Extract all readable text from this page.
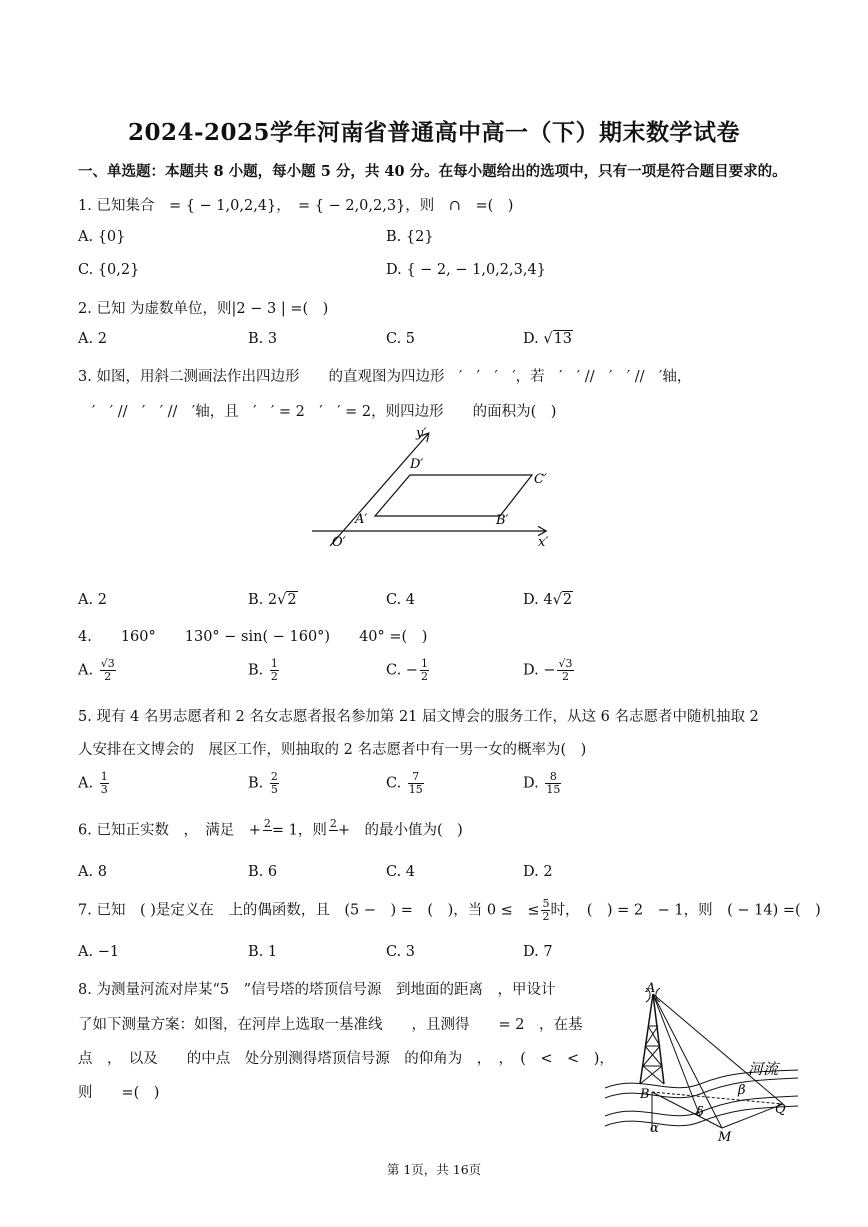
2024-2025学年河南省普通高中高一（下）期末数学试卷
一、单选题：本题共 8 小题，每小题 5 分，共 40 分。在每小题给出的选项中，只有一项是符合题目要求的。
1. 已知集合　= { − 1,0,2,4}，　= { − 2,0,2,3}，则　∩　=(　)
A. {0}	B. {2}
C. {0,2}	D. { − 2, − 1,0,2,3,4}
2. 已知 为虚数单位，则|2 − 3 | =(　)
A. 2	B. 3	C. 5	D. √13
3. 如图，用斜二测画法作出四边形　　的直观图为四边形　′　′　′　′，若　′　′ //　′　′ //　′轴，
′　′ //　′　′ //　′轴，且　′　′ = 2　′　′ = 2，则四边形　　的面积为(　)
y′
x′
O′
A′	B′
C′
D′
A. 2	B. 2√2	C. 4	D. 4√2
4.　　160°　　130° − sin( − 160°)　　40° =(　)
A. $\frac{√3}{2}$	B. $\frac{1}{2}$	C. − $\frac{1}{2}$	D. − $\frac{√3}{2}$
5. 现有 4 名男志愿者和 2 名女志愿者报名参加第 21 届文博会的服务工作，从这 6 名志愿者中随机抽取 2
人安排在文博会的　展区工作，则抽取的 2 名志愿者中有一男一女的概率为(　)
A. $\frac{1}{3}$	B. $\frac{2}{5}$	C. $\frac{7}{15}$	D. $\frac{8}{15}$
6. 已知正实数　，　满足　+ 2
= 1，则 2
+　的最小值为(　)
A. 8	B. 6	C. 4	D. 2
7. 已知　( )是定义在　上的偶函数，且　(5 −　) =　(　)，当 0 ≤　≤ $\frac{5}{2}$ 时，　(　) = 2　− 1，则　( − 14) =(　)
A. −1	B. 1	C. 3	D. 7
8. 为测量河流对岸某“5　”信号塔的塔顶信号源　到地面的距离　，甲设计
了如下测量方案：如图，在河岸上选取一基准线　　，且测得　　= 2　，在基
点　，　以及　　的中点　处分别测得塔顶信号源　的仰角为　，　，　(　<　<　)，
则　　=(　)
A
B
M
Q
河流
β
α
δ
第 1页，共 16页
